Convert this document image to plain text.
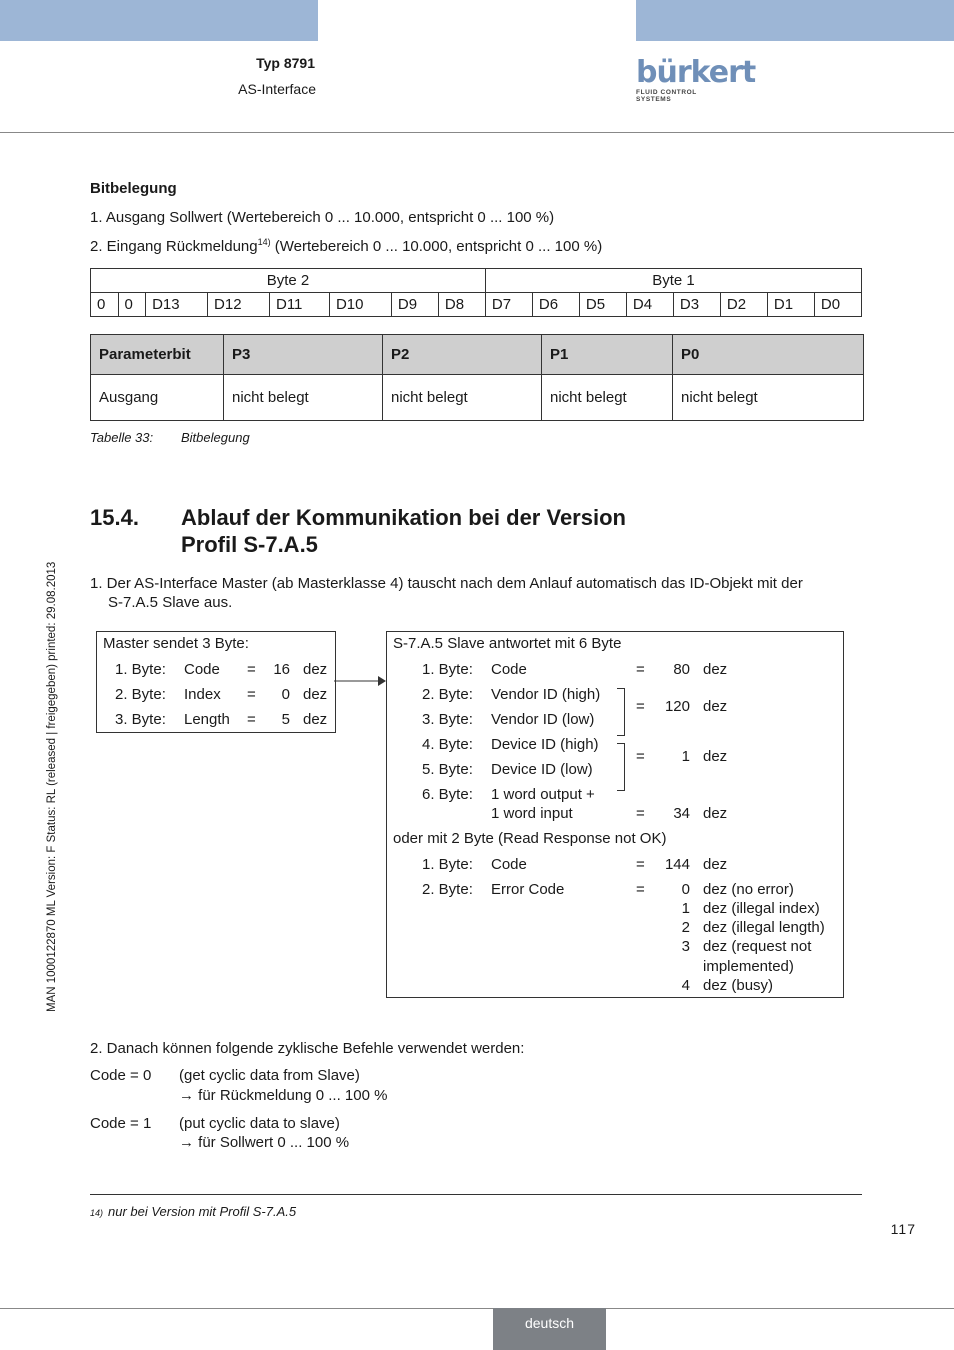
Typ 8791
AS-Interface	bürkert
FLUID CONTROL SYSTEMS
MAN 1000122870 ML Version: F Status: RL (released | freigegeben) printed: 29.08.2013
Bitbelegung
1. Ausgang Sollwert (Wertebereich 0 ... 10.000, entspricht 0 ... 100 %)
2. Eingang Rückmeldung$^{14)}$ (Wertebereich 0 ... 10.000, entspricht 0 ... 100 %)
Byte 2								Byte 1							
0	0	D13	D12	D11	D10	D9	D8	D7	D6	D5	D4	D3	D2	D1	D0
Parameterbit	P3	P2	P1	P0
Ausgang	nicht belegt	nicht belegt	nicht belegt	nicht belegt
Tabelle 33: Bitbelegung
15.4. Ablauf der Kommunikation bei der Version
Profil S-7.A.5
1. Der AS-Interface Master (ab Masterklasse 4) tauscht nach dem Anlauf automatisch das ID-Objekt mit der
S-7.A.5 Slave aus.
Master sendet 3 Byte:
1. Byte: Code =	16 dez
2. Byte: Index =	0 dez
3. Byte: Length =	5 dez
S-7.A.5 Slave antwortet mit 6 Byte
1. Byte: Code	=	80 dez
2. Byte: Vendor ID (high)
3. Byte: Vendor ID (low)
=	120 dez
4. Byte: Device ID (high)
5. Byte: Device ID (low)
=	1 dez
6. Byte: 1 word output +
1 word input	=	34 dez
oder mit 2 Byte (Read Response not OK)
1. Byte: Code	=	144 dez
2. Byte: Error Code	=	0 dez (no error)
1 dez (illegal index)
2 dez (illegal length)
3 dez (request not
implemented)
4 dez (busy)
2. Danach können folgende zyklische Befehle verwendet werden:
Code = 0 (get cyclic data from Slave)
→ für Rückmeldung 0 ... 100 %
Code = 1 (put cyclic data to slave)
→ für Sollwert 0 ... 100 %
14) nur bei Version mit Profil S-7.A.5
117
deutsch
